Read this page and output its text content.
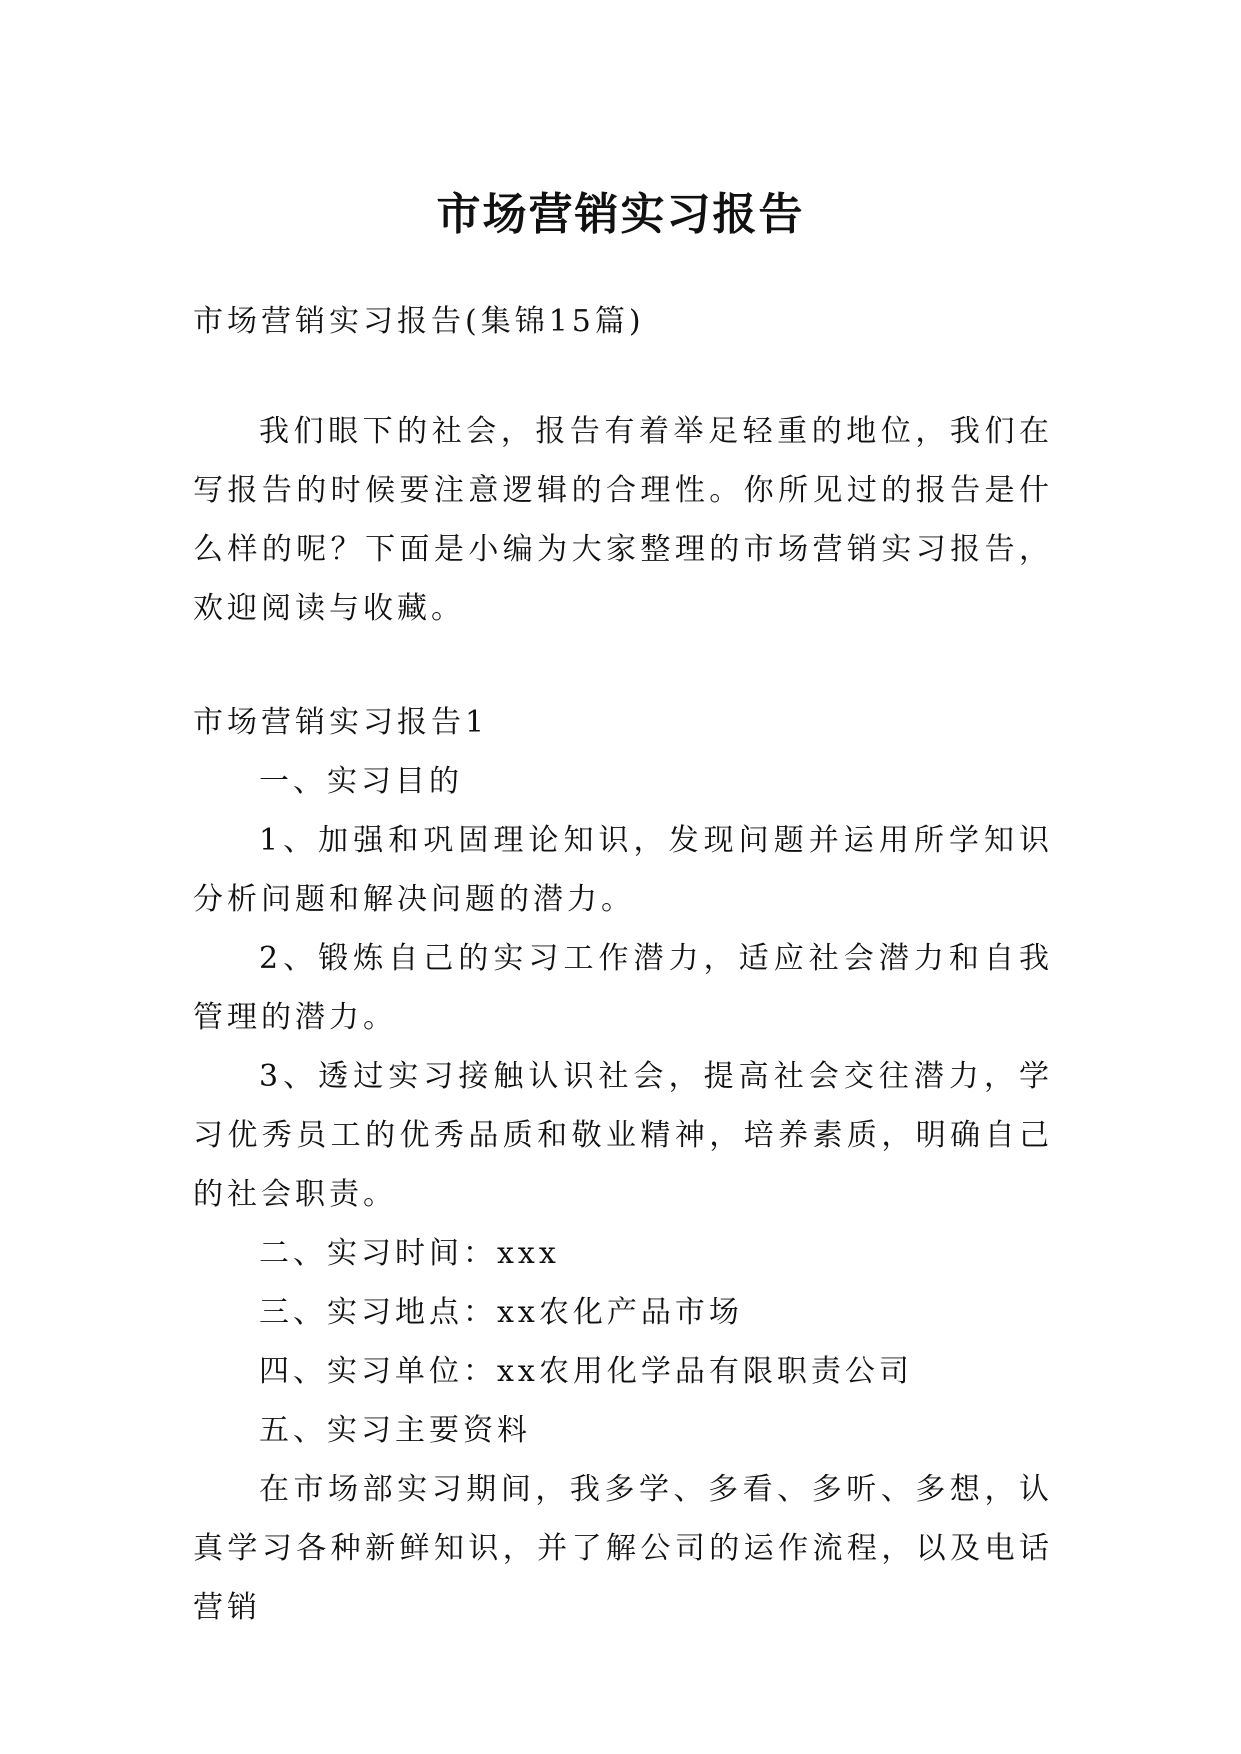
市场营销实习报告
市场营销实习报告(集锦15篇)
我们眼下的社会，报告有着举足轻重的地位，我们在写报告的时候要注意逻辑的合理性。你所见过的报告是什么样的呢？下面是小编为大家整理的市场营销实习报告，欢迎阅读与收藏。

市场营销实习报告1

一、实习目的

1、加强和巩固理论知识，发现问题并运用所学知识分析问题和解决问题的潜力。

2、锻炼自己的实习工作潜力，适应社会潜力和自我管理的潜力。

3、透过实习接触认识社会，提高社会交往潜力，学习优秀员工的优秀品质和敬业精神，培养素质，明确自己的社会职责。

二、实习时间：xxx

三、实习地点：xx农化产品市场

四、实习单位：xx农用化学品有限职责公司

五、实习主要资料

在市场部实习期间，我多学、多看、多听、多想，认真学习各种新鲜知识，并了解公司的运作流程，以及电话营销
